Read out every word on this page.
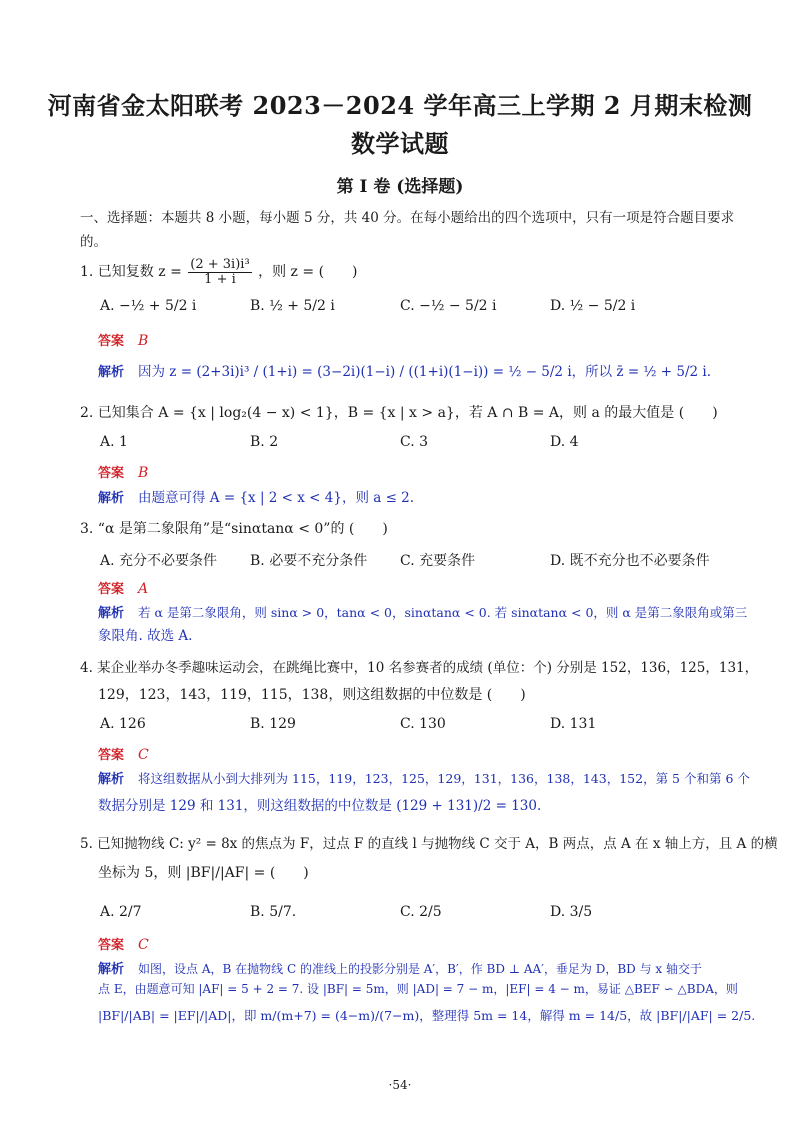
河南省金太阳联考 2023－2024 学年高三上学期 2 月期末检测
数学试题
第 I 卷 (选择题)
一、选择题：本题共 8 小题，每小题 5 分，共 40 分。在每小题给出的四个选项中，只有一项是符合题目要求
的。
1. 已知复数 $z = \frac{\text{(2 + 3i)i³}}{1 + i}$ ，则 z = (　　)
A. −½ + 5/2 i	B. ½ + 5/2 i	C. −½ − 5/2 i	D. ½ − 5/2 i
答案 B
解析 因为 z = (2+3i)i³ / (1+i) = (3−2i)(1−i) / ((1+i)(1−i)) = ½ − 5/2 i，所以 z̄ = ½ + 5/2 i.
2. 已知集合 A = {x | log₂(4 − x) < 1}，B = {x | x > a}，若 A ∩ B = A，则 a 的最大值是 (　　)
A. 1	B. 2	C. 3	D. 4
答案 B
解析 由题意可得 A = {x | 2 < x < 4}，则 a ≤ 2.
3. “α 是第二象限角”是“sinαtanα < 0”的 (　　)
A. 充分不必要条件 B. 必要不充分条件 C. 充要条件	D. 既不充分也不必要条件
答案 A
解析 若 α 是第二象限角，则 sinα > 0，tanα < 0，sinαtanα < 0. 若 sinαtanα < 0，则 α 是第二象限角或第三
象限角. 故选 A.
4. 某企业举办冬季趣味运动会，在跳绳比赛中，10 名参赛者的成绩 (单位：个) 分别是 152，136，125，131，
129，123，143，119，115，138，则这组数据的中位数是 (　　)
A. 126	B. 129	C. 130	D. 131
答案 C
解析 将这组数据从小到大排列为 115，119，123，125，129，131，136，138，143，152，第 5 个和第 6 个
数据分别是 129 和 131，则这组数据的中位数是 (129 + 131)/2 = 130.
5. 已知抛物线 C: y² = 8x 的焦点为 F，过点 F 的直线 l 与抛物线 C 交于 A，B 两点，点 A 在 x 轴上方，且 A 的横
坐标为 5，则 |BF|/|AF| = (　　)
A. 2/7	B. 5/7.	C. 2/5	D. 3/5
答案 C
解析 如图，设点 A，B 在抛物线 C 的准线上的投影分别是 A′，B′，作 BD ⊥ AA′，垂足为 D，BD 与 x 轴交于
点 E，由题意可知 |AF| = 5 + 2 = 7. 设 |BF| = 5m，则 |AD| = 7 − m，|EF| = 4 − m，易证 △BEF ∽ △BDA，则
|BF|/|AB| = |EF|/|AD|，即 m/(m+7) = (4−m)/(7−m)，整理得 5m = 14，解得 m = 14/5，故 |BF|/|AF| = 2/5.
·54·
